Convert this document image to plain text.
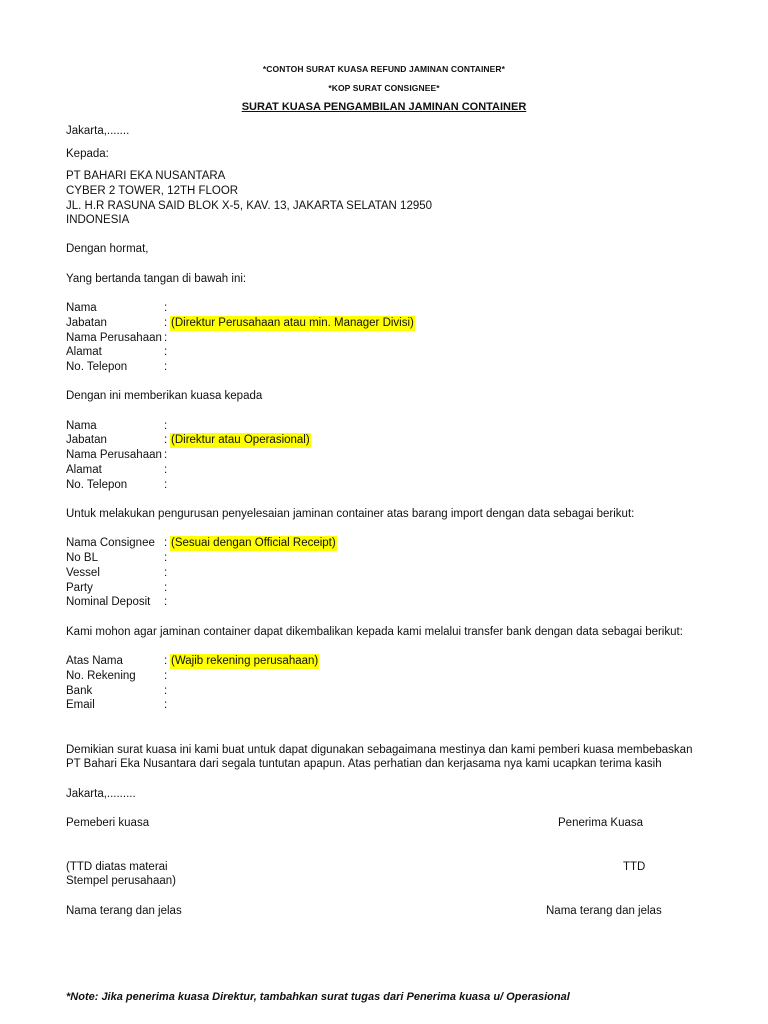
*CONTOH SURAT KUASA REFUND JAMINAN CONTAINER*
*KOP SURAT CONSIGNEE*
SURAT KUASA PENGAMBILAN JAMINAN CONTAINER
Jakarta,.......
Kepada:
PT BAHARI EKA NUSANTARA
CYBER 2 TOWER, 12TH FLOOR
JL. H.R RASUNA SAID BLOK X-5, KAV. 13, JAKARTA SELATAN 12950
INDONESIA
Dengan hormat,
Yang bertanda tangan di bawah ini:
Nama	:
Jabatan	: (Direktur Perusahaan atau min. Manager Divisi)
Nama Perusahaan :
Alamat	:
No. Telepon	:
Dengan ini memberikan kuasa kepada
Nama	:
Jabatan	: (Direktur atau Operasional)
Nama Perusahaan :
Alamat	:
No. Telepon	:
Untuk melakukan pengurusan penyelesaian jaminan container atas barang import dengan data sebagai berikut:
Nama Consignee : (Sesuai dengan Official Receipt)
No BL	:
Vessel	:
Party	:
Nominal Deposit :
Kami mohon agar jaminan container dapat dikembalikan kepada kami melalui transfer bank dengan data sebagai berikut:
Atas Nama	: (Wajib rekening perusahaan)
No. Rekening :
Bank	:
Email	:
Demikian surat kuasa ini kami buat untuk dapat digunakan sebagaimana mestinya dan kami pemberi kuasa membebaskan
PT Bahari Eka Nusantara dari segala tuntutan apapun. Atas perhatian dan kerjasama nya kami ucapkan terima kasih
Jakarta,.........
Pemeberi kuasa	Penerima Kuasa
(TTD diatas materai
Stempel perusahaan)
TTD
Nama terang dan jelas	Nama terang dan jelas
*Note: Jika penerima kuasa Direktur, tambahkan surat tugas dari Penerima kuasa u/ Operasional
